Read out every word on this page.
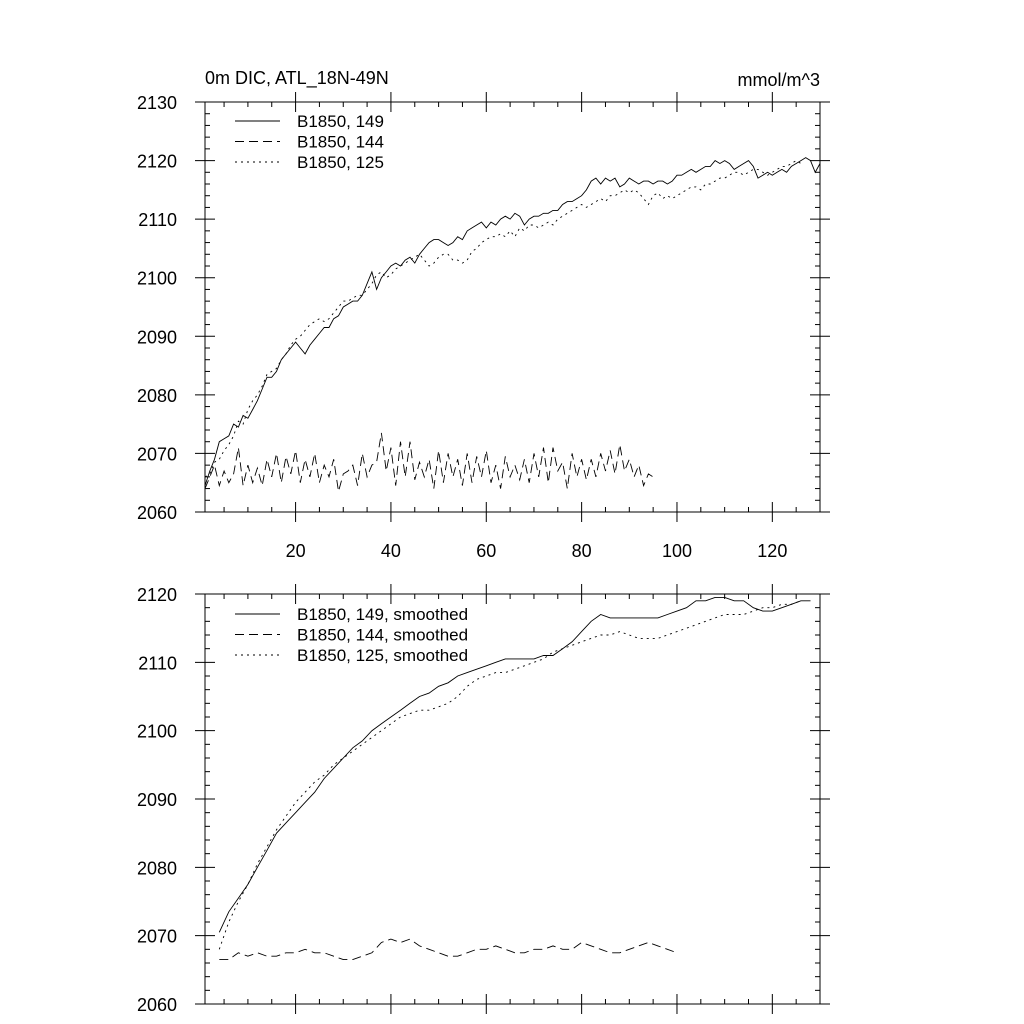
0m DIC, ATL_18N-49N	mmol/m^3
20	40	60	80	100	120
2060
2070
2080
2090
2100
2110
2120
2130
B1850, 149
B1850, 144
B1850, 125
2060
2070
2080
2090
2100
2110
2120
B1850, 149, smoothed
B1850, 144, smoothed
B1850, 125, smoothed
